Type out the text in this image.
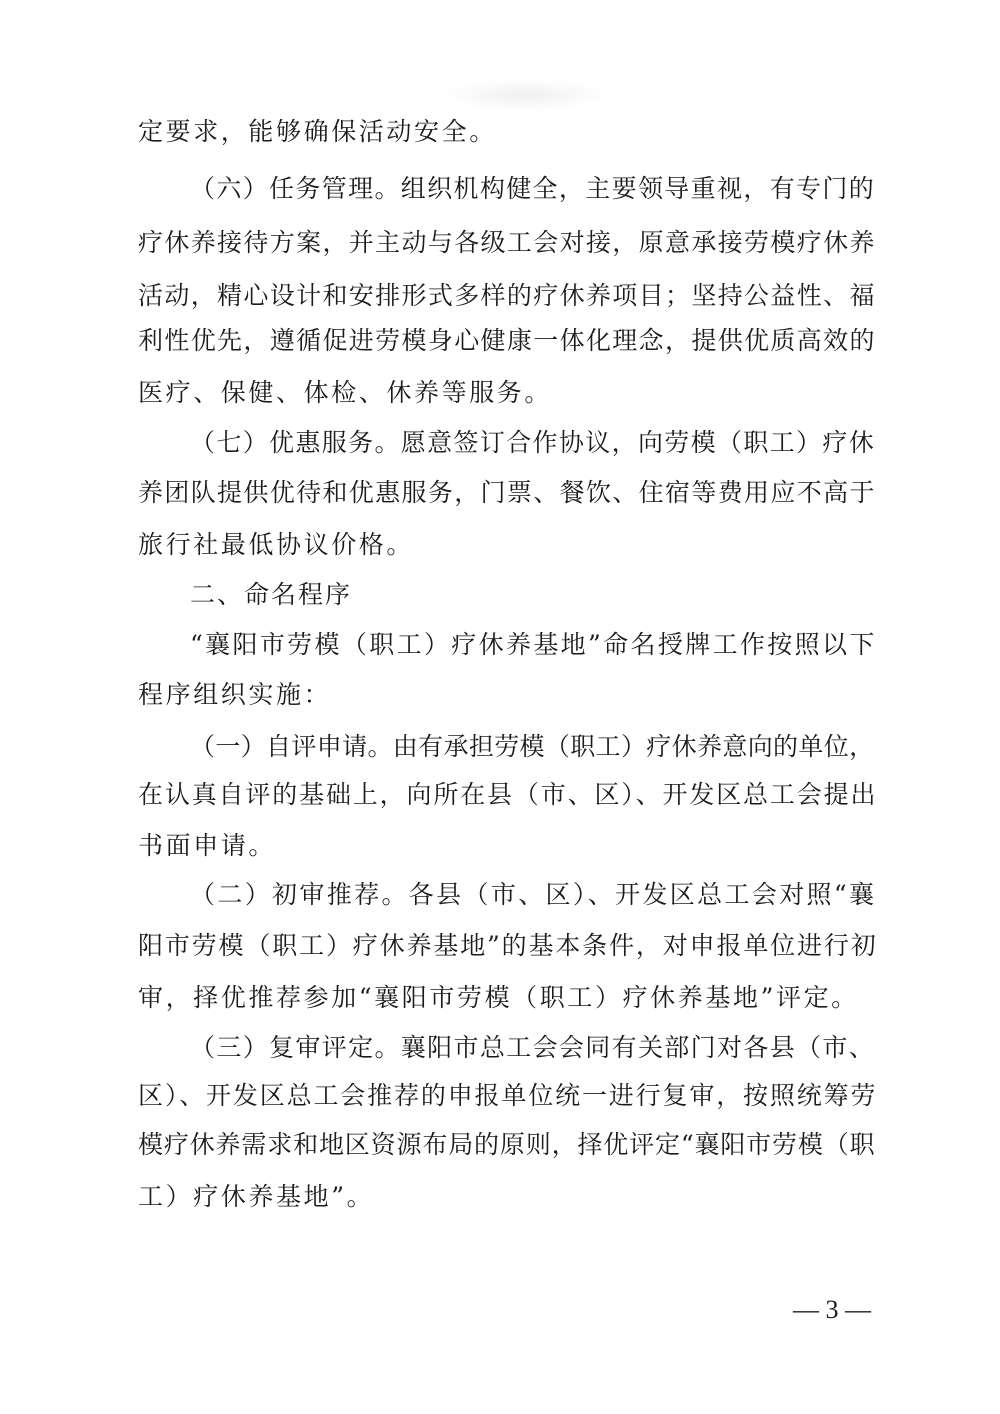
定要求，能够确保活动安全。
（六）任务管理。组织机构健全，主要领导重视，有专门的
疗休养接待方案，并主动与各级工会对接，原意承接劳模疗休养
活动，精心设计和安排形式多样的疗休养项目；坚持公益性、福
利性优先，遵循促进劳模身心健康一体化理念，提供优质高效的
医疗、保健、体检、休养等服务。
（七）优惠服务。愿意签订合作协议，向劳模（职工）疗休
养团队提供优待和优惠服务，门票、餐饮、住宿等费用应不高于
旅行社最低协议价格。
二、命名程序
“襄阳市劳模（职工）疗休养基地”命名授牌工作按照以下
程序组织实施：
（一）自评申请。由有承担劳模（职工）疗休养意向的单位，
在认真自评的基础上，向所在县（市、区）、开发区总工会提出
书面申请。
（二）初审推荐。各县（市、区）、开发区总工会对照“襄
阳市劳模（职工）疗休养基地”的基本条件，对申报单位进行初
审，择优推荐参加“襄阳市劳模（职工）疗休养基地”评定。
（三）复审评定。襄阳市总工会会同有关部门对各县（市、
区）、开发区总工会推荐的申报单位统一进行复审，按照统筹劳
模疗休养需求和地区资源布局的原则，择优评定“襄阳市劳模（职
工）疗休养基地”。
— 3 —
